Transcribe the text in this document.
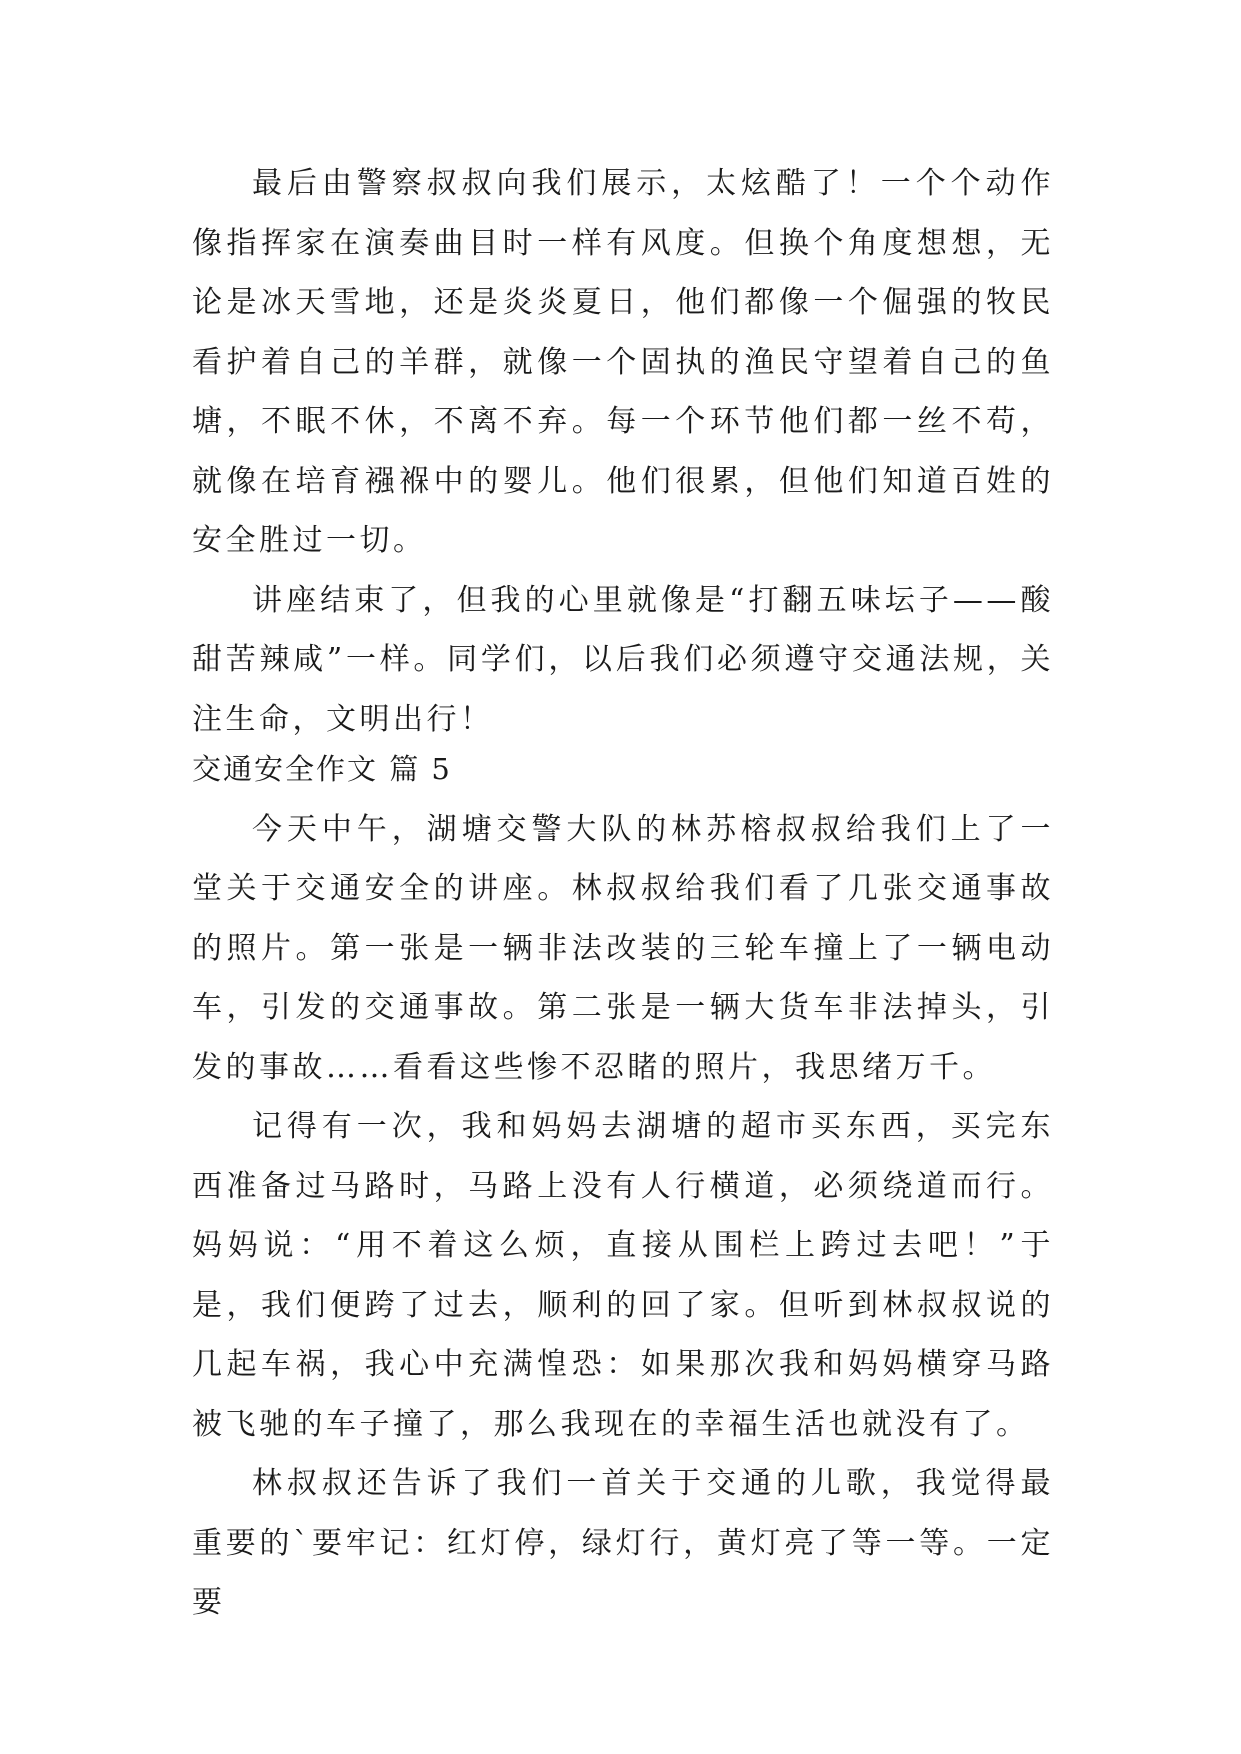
最后由警察叔叔向我们展示，太炫酷了！一个个动作像指挥家在演奏曲目时一样有风度。但换个角度想想，无论是冰天雪地，还是炎炎夏日，他们都像一个倔强的牧民看护着自己的羊群，就像一个固执的渔民守望着自己的鱼塘，不眠不休，不离不弃。每一个环节他们都一丝不苟，就像在培育襁褓中的婴儿。他们很累，但他们知道百姓的安全胜过一切。

讲座结束了，但我的心里就像是“打翻五味坛子——酸甜苦辣咸”一样。同学们，以后我们必须遵守交通法规，关注生命，文明出行！

交通安全作文 篇 5

今天中午，湖塘交警大队的林苏榕叔叔给我们上了一堂关于交通安全的讲座。林叔叔给我们看了几张交通事故的照片。第一张是一辆非法改装的三轮车撞上了一辆电动车，引发的交通事故。第二张是一辆大货车非法掉头，引发的事故……看看这些惨不忍睹的照片，我思绪万千。

记得有一次，我和妈妈去湖塘的超市买东西，买完东西准备过马路时，马路上没有人行横道，必须绕道而行。妈妈说：“用不着这么烦，直接从围栏上跨过去吧！”于是，我们便跨了过去，顺利的回了家。但听到林叔叔说的几起车祸，我心中充满惶恐：如果那次我和妈妈横穿马路被飞驰的车子撞了，那么我现在的幸福生活也就没有了。

林叔叔还告诉了我们一首关于交通的儿歌，我觉得最重要的`要牢记：红灯停，绿灯行，黄灯亮了等一等。一定要
